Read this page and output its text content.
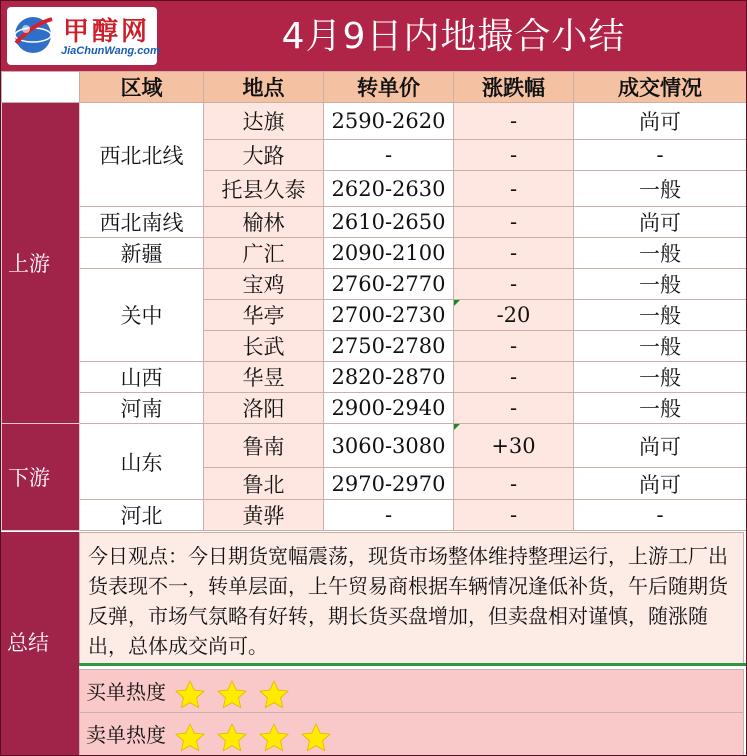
甲醇网
JiaChunWang.com	4月9日内地撮合小结
	区域	地点	转单价	涨跌幅	成交情况
上游	西北北线	达旗	2590-2620	-	尚可
		大路	-	-	-
		托县久泰	2620-2630	-	一般
	西北南线	榆林	2610-2650	-	尚可
	新疆	广汇	2090-2100	-	一般
	关中	宝鸡	2760-2770	-	一般
		华亭	2700-2730	-20	一般
		长武	2750-2780	-	一般
	山西	华昱	2820-2870	-	一般
	河南	洛阳	2900-2940	-	一般
下游	山东	鲁南	3060-3080	+30	尚可
		鲁北	2970-2970	-	尚可
	河北	黄骅	-	-	-
总结
今日观点：今日期货宽幅震荡，现货市场整体维持整理运行，上游工厂出货表现不一，转单层面，上午贸易商根据车辆情况逢低补货，午后随期货反弹，市场气氛略有好转，期长货买盘增加，但卖盘相对谨慎，随涨随出，总体成交尚可。
买单热度
卖单热度
